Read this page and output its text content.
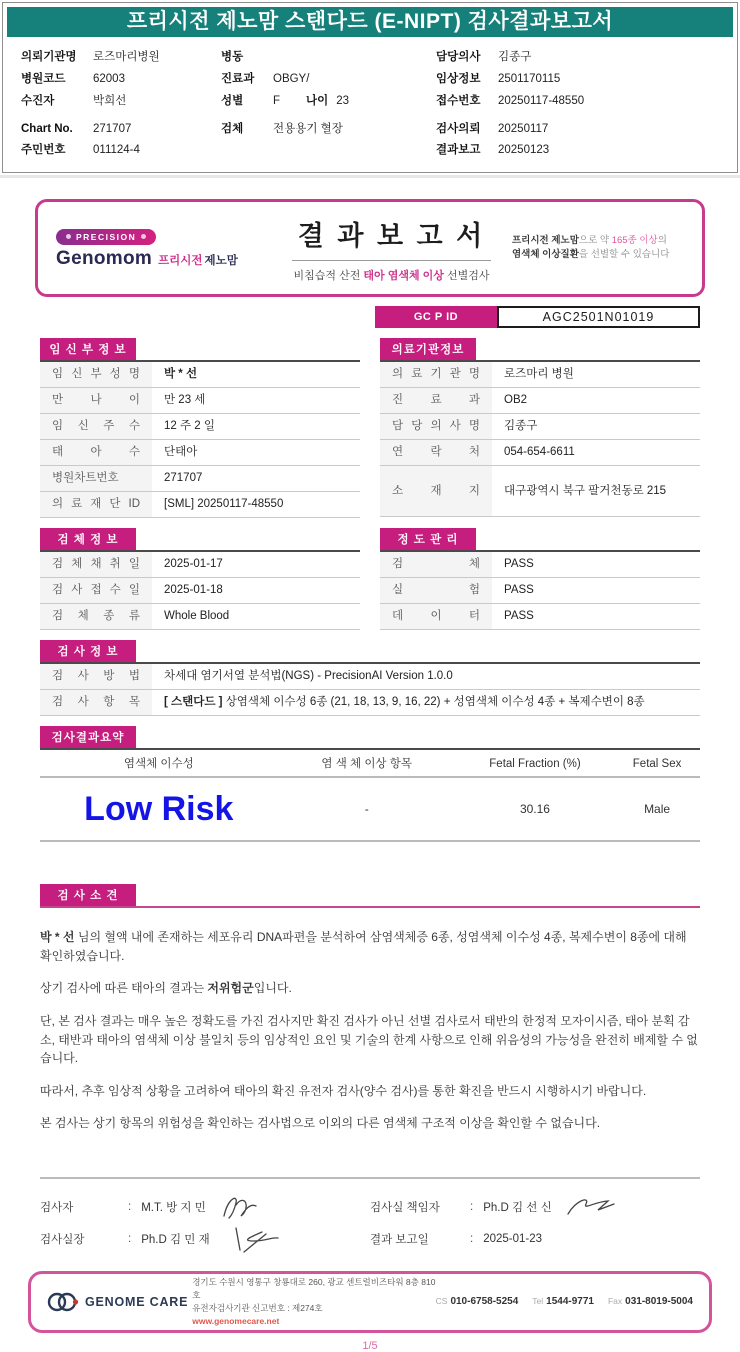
프리시전 제노맘 스탠다드 (E-NIPT) 검사결과보고서
의뢰기관명	로즈마리병원
병원코드	62003
수진자	박희선
Chart No.	271707
주민번호	011124-4
병동
진료과	OBGY/
성별	F 나이 23
검체	전용용기 혈장
담당의사	김종구
임상정보	2501170115
접수번호	20250117-48550
검사의뢰	20250117
결과보고	20250123
PRECISION
Genomom 프리시전 제노맘
결 과 보 고 서
비침습적 산전 태아 염색체 이상 선별검사
프리시전 제노맘으로 약 165종 이상의
염색체 이상질환을 선별할 수 있습니다
GC P ID	AGC2501N01019
임 신 부 정 보
임 신 부 성 명	박 * 선
만 나 이	만 23 세
임 신 주 수	12 주 2 일
태 아 수	단태아
병원차트번호	271707
의 료 재 단 ID	[SML] 20250117-48550
의료기관정보
의 료 기 관 명	로즈마리 병원
진 료 과	OB2
담 당 의 사 명	김종구
연 락 처	054-654-6611
소 재 지	대구광역시 북구 팔거천동로 215
검 체 정 보
검 체 채 취 일	2025-01-17
검 사 접 수 일	2025-01-18
검 체 종 류	Whole Blood
정 도 관 리
검 체	PASS
실 험	PASS
데 이 터	PASS
검 사 정 보
검 사 방 법	차세대 염기서열 분석법(NGS) - PrecisionAI Version 1.0.0
검 사 항 목	[ 스탠다드 ] 상염색체 이수성 6종 (21, 18, 13, 9, 16, 22) + 성염색체 이수성 4종 + 복제수변이 8종
검사결과요약
염색체 이수성	염 색 체 이상 항목	Fetal Fraction (%)	Fetal Sex
Low Risk	-	30.16	Male
검 사 소 견

박 * 선 님의 혈액 내에 존재하는 세포유리 DNA파편을 분석하여 삼염색체증 6종, 성염색체 이수성 4종, 복제수변이 8종에 대해 확인하였습니다.

상기 검사에 따른 태아의 결과는 저위험군입니다.

단, 본 검사 결과는 매우 높은 정확도를 가진 검사지만 확진 검사가 아닌 선별 검사로서 태반의 한정적 모자이시즘, 태아 분획 감소, 태반과 태아의 염색체 이상 불일치 등의 임상적인 요인 및 기술의 한계 사항으로 인해 위음성의 가능성을 완전히 배제할 수 없습니다.

따라서, 추후 임상적 상황을 고려하여 태아의 확진 유전자 검사(양수 검사)를 통한 확진을 반드시 시행하시기 바랍니다.

본 검사는 상기 항목의 위험성을 확인하는 검사법으로 이외의 다른 염색체 구조적 이상을 확인할 수 없습니다.

검사자	: M.T. 방 지 민
검사실장	: Ph.D 김 민 재
검사실 책임자	: Ph.D 김 선 신
결과 보고일	: 2025-01-23
GENOME CARE
경기도 수원시 영통구 창룡대로 260, 광교 센트럴비즈타워 8층 810호
유전자검사기관 신고번호 : 제274호
www.genomecare.net
CS 010-6758-5254 Tel 1544-9771 Fax 031-8019-5004
1/5
